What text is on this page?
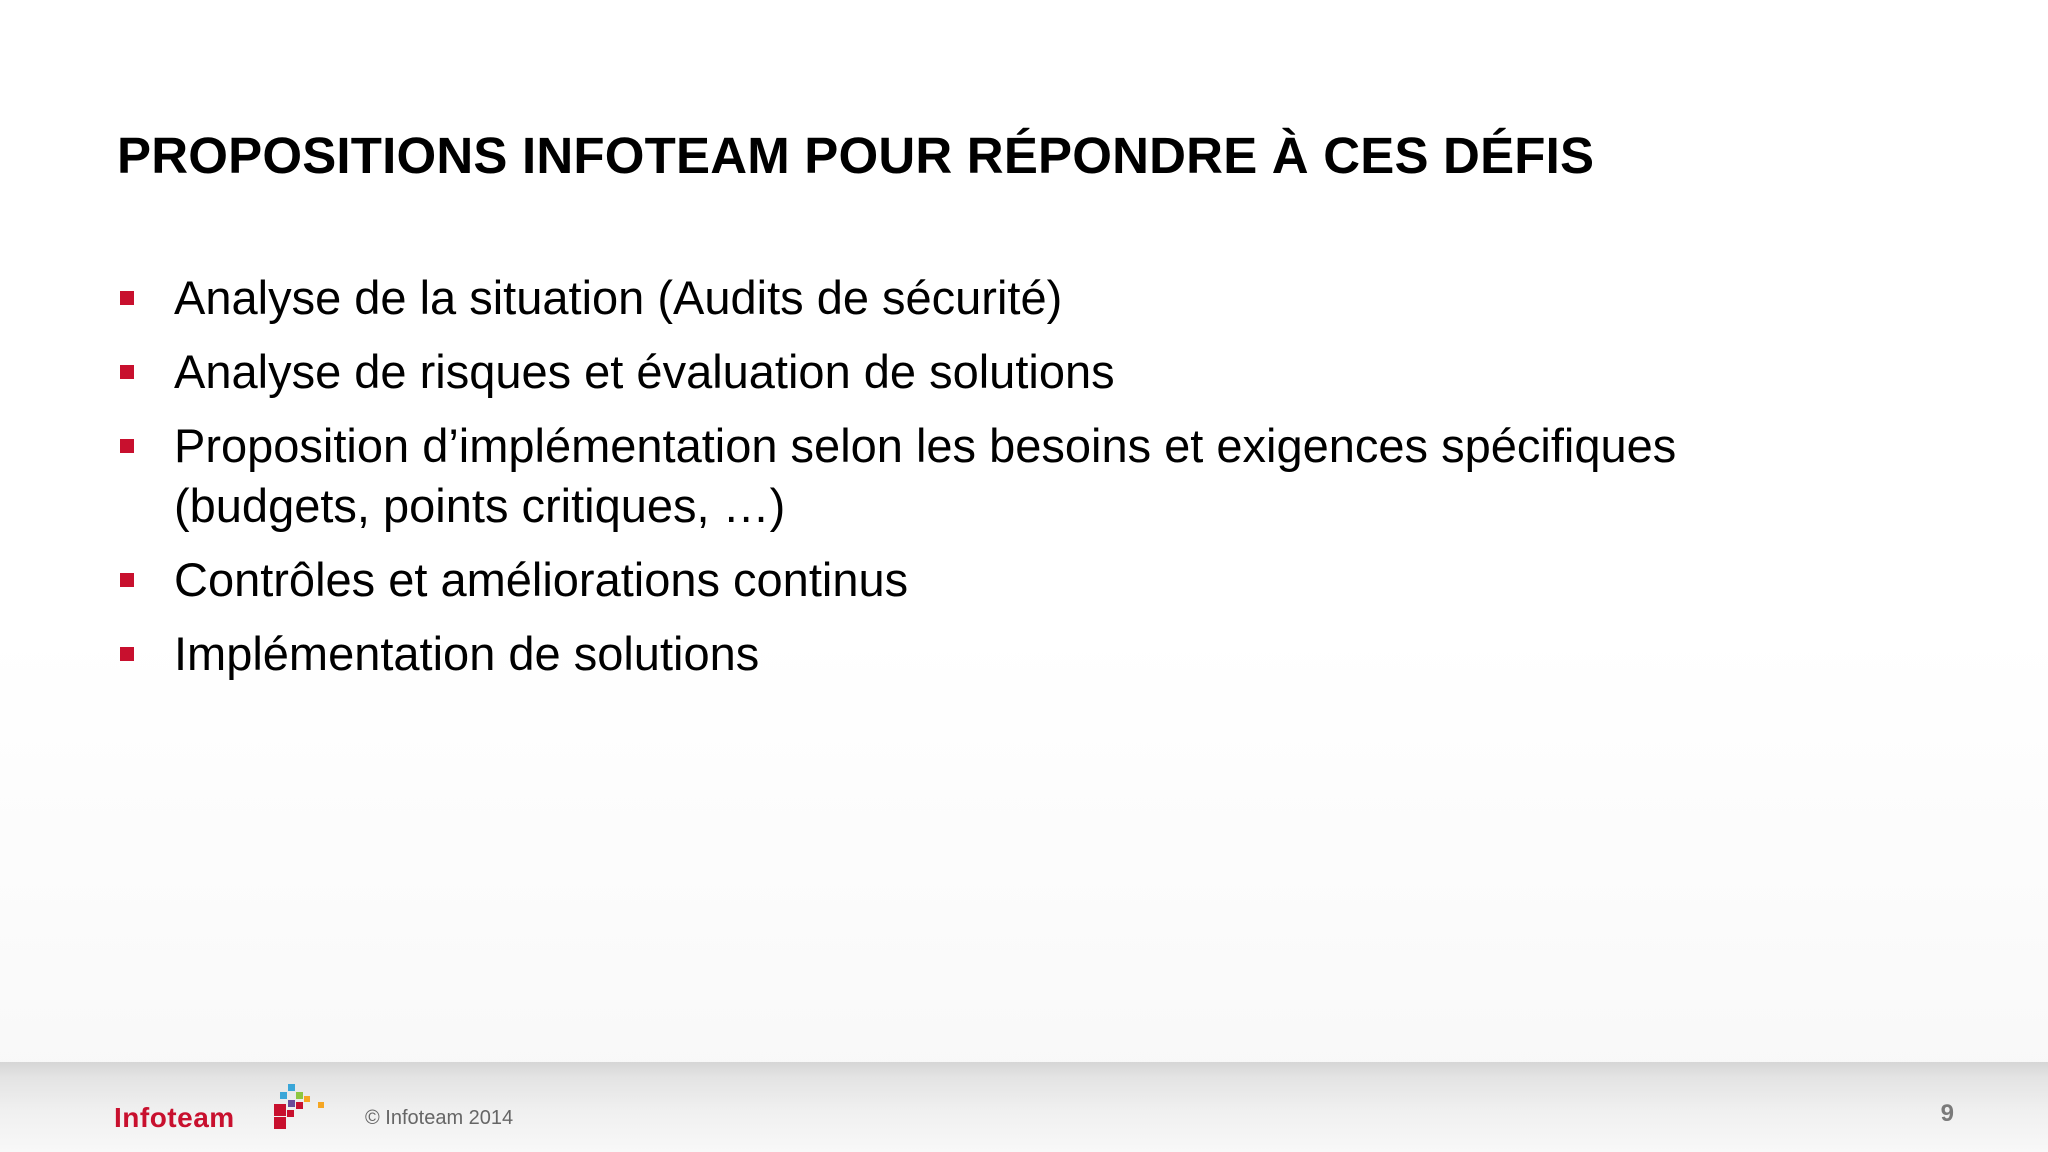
PROPOSITIONS INFOTEAM POUR RÉPONDRE À CES DÉFIS
Analyse de la situation (Audits de sécurité)
Analyse de risques et évaluation de solutions
Proposition d’implémentation selon les besoins et exigences spécifiques
(budgets, points critiques, …)
Contrôles et améliorations continus
Implémentation de solutions
Infoteam	© Infoteam 2014	9
